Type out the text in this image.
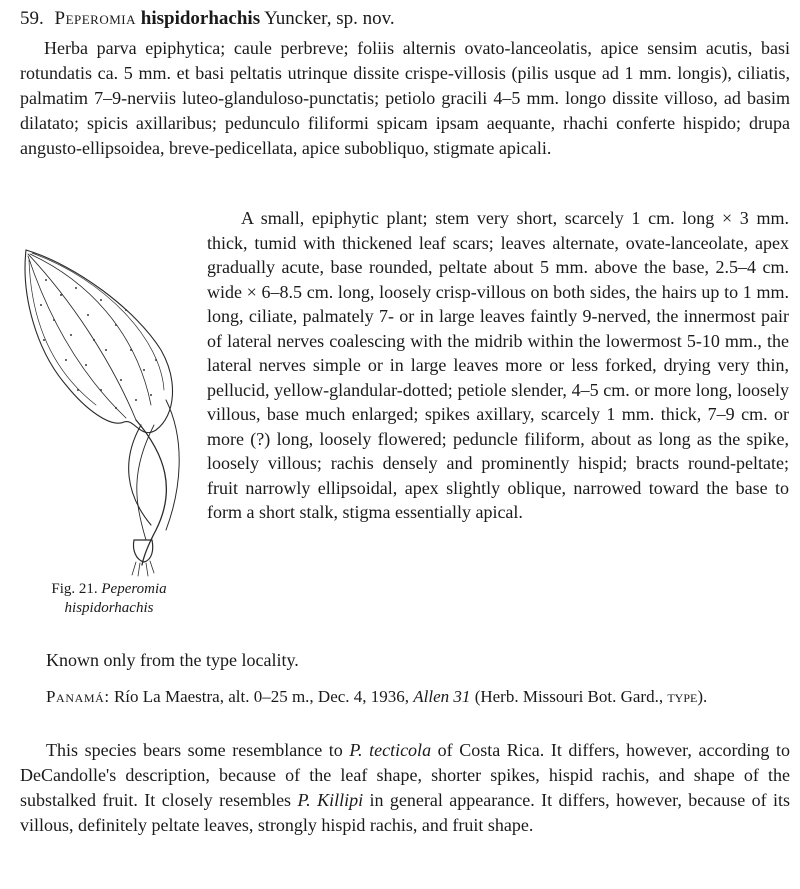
59. Peperomia hispidorhachis Yuncker, sp. nov.

Herba parva epiphytica; caule perbreve; foliis alternis ovato-lanceolatis, apice sensim acutis, basi rotundatis ca. 5 mm. et basi peltatis utrinque dissite crispe-villosis (pilis usque ad 1 mm. longis), ciliatis, palmatim 7–9-nerviis luteo-glanduloso-punctatis; petiolo gracili 4–5 mm. longo dissite villoso, ad basim dilatato; spicis axillaribus; pedunculo filiformi spicam ipsam aequante, rhachi conferte hispido; drupa angusto-ellipsoidea, breve-pedicellata, apice subobliquo, stigmate apicali.

Fig. 21. Peperomia
hispidorhachis

A small, epiphytic plant; stem very short, scarcely 1 cm. long × 3 mm. thick, tumid with thickened leaf scars; leaves alternate, ovate-lanceolate, apex gradually acute, base rounded, peltate about 5 mm. above the base, 2.5–4 cm. wide × 6–8.5 cm. long, loosely crisp-villous on both sides, the hairs up to 1 mm. long, ciliate, palmately 7- or in large leaves faintly 9-nerved, the innermost pair of lateral nerves coalescing with the midrib within the lowermost 5-10 mm., the lateral nerves simple or in large leaves more or less forked, drying very thin, pellucid, yellow-glandular-dotted; petiole slender, 4–5 cm. or more long, loosely villous, base much enlarged; spikes axillary, scarcely 1 mm. thick, 7–9 cm. or more (?) long, loosely flowered; peduncle filiform, about as long as the spike, loosely villous; rachis densely and prominently hispid; bracts round-peltate; fruit narrowly ellipsoidal, apex slightly oblique, narrowed toward the base to form a short stalk, stigma essentially apical.

Known only from the type locality.

Panamá: Río La Maestra, alt. 0–25 m., Dec. 4, 1936, Allen 31 (Herb. Missouri Bot. Gard., type).

This species bears some resemblance to P. tecticola of Costa Rica. It differs, however, according to DeCandolle's description, because of the leaf shape, shorter spikes, hispid rachis, and shape of the substalked fruit. It closely resembles P. Killipi in general appearance. It differs, however, because of its villous, definitely peltate leaves, strongly hispid rachis, and fruit shape.
